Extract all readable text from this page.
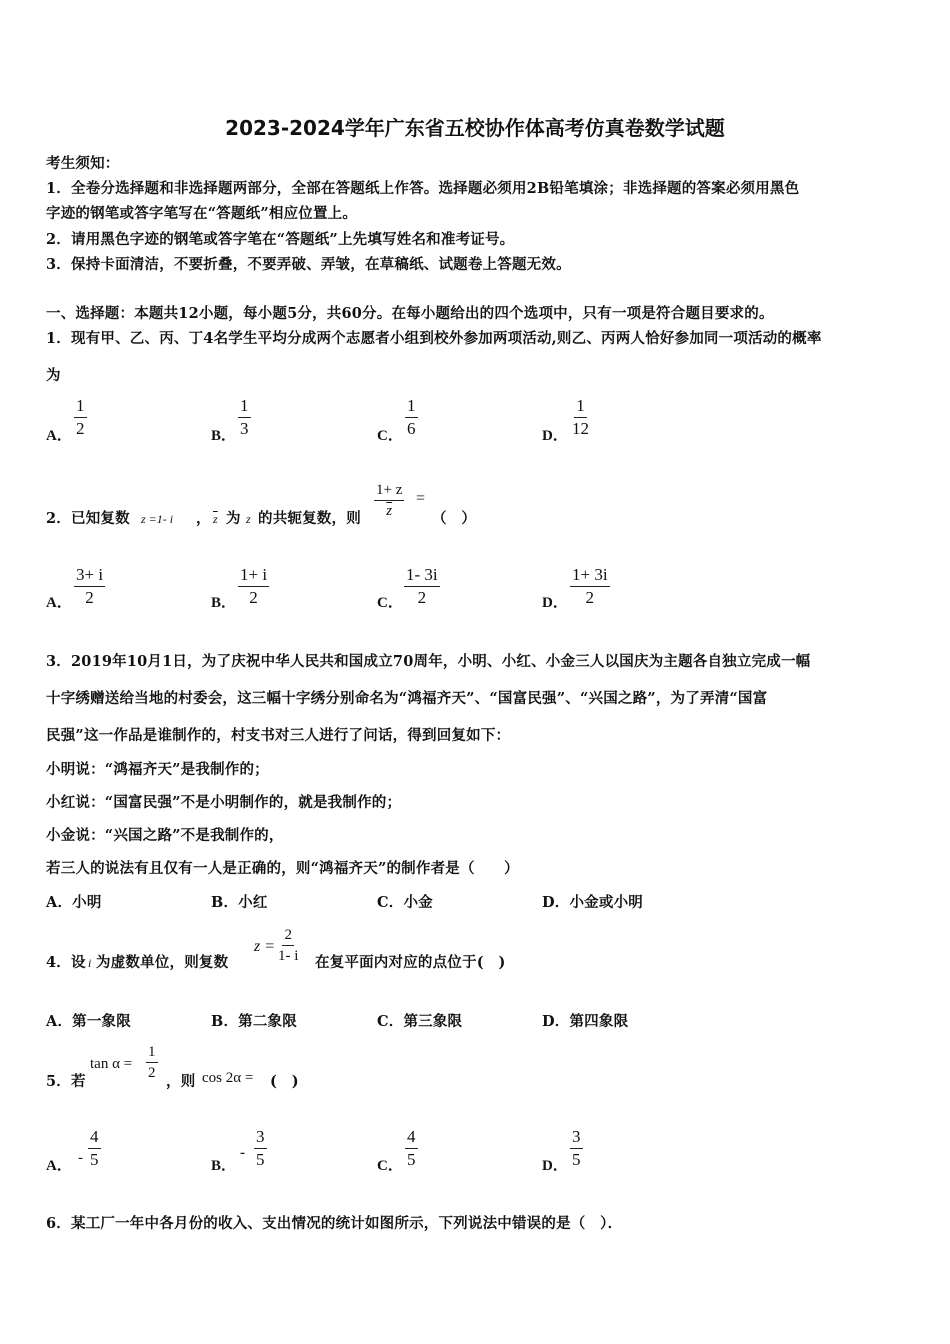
2023-2024学年广东省五校协作体高考仿真卷数学试题
考生须知：
1．全卷分选择题和非选择题两部分，全部在答题纸上作答。选择题必须用2B铅笔填涂；非选择题的答案必须用黑色
字迹的钢笔或答字笔写在“答题纸”相应位置上。
2．请用黑色字迹的钢笔或答字笔在“答题纸”上先填写姓名和准考证号。
3．保持卡面清洁，不要折叠，不要弄破、弄皱，在草稿纸、试题卷上答题无效。
一、选择题：本题共12小题，每小题5分，共60分。在每小题给出的四个选项中，只有一项是符合题目要求的。
1．现有甲、乙、丙、丁4名学生平均分成两个志愿者小组到校外参加两项活动,则乙、丙两人恰好参加同一项活动的概率
为
A． $\frac{1}{2}$	B． $\frac{1}{3}$	C． $\frac{1}{6}$	D． $\frac{1}{12}$
2．已知复数 z =1- i ， $\overline{z}$ 为 z 的共轭复数，则 $\frac{1+ z}{z}$ =
（　）
A． $\frac{3+ i}{2}$	B． $\frac{1+ i}{2}$	C． $\frac{1- 3i}{2}$	D． $\frac{1+ 3i}{2}$
3．2019年10月1日，为了庆祝中华人民共和国成立70周年，小明、小红、小金三人以国庆为主题各自独立完成一幅
十字绣赠送给当地的村委会，这三幅十字绣分别命名为“鸿福齐天”、“国富民强”、“兴国之路”，为了弄清“国富
民强”这一作品是谁制作的，村支书对三人进行了问话，得到回复如下：
小明说：“鸿福齐天”是我制作的；
小红说：“国富民强”不是小明制作的，就是我制作的；
小金说：“兴国之路”不是我制作的，
若三人的说法有且仅有一人是正确的，则“鸿福齐天”的制作者是（　　）
A．小明	B．小红	C．小金	D．小金或小明
4．设 i 为虚数单位，则复数
$z = \frac{2}{1- i}$ 在复平面内对应的点位于(　)
A．第一象限	B．第二象限	C．第三象限	D．第四象限
5．若
$\tan \alpha = \frac{1}{2}$ ，则 cos 2α = (　)
A． - $\frac{4}{5}$	B．
- $\frac{3}{5}$	C． $\frac{4}{5}$	D． $\frac{3}{5}$
6．某工厂一年中各月份的收入、支出情况的统计如图所示，下列说法中错误的是（　）．
